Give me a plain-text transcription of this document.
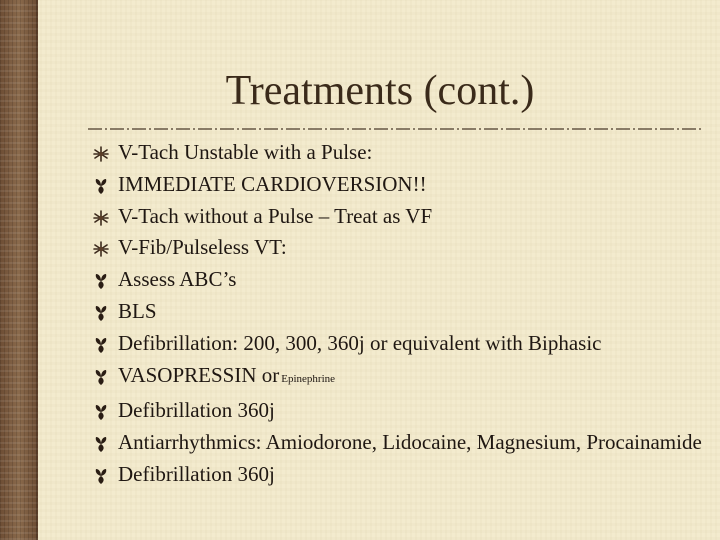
Treatments (cont.)
V-Tach Unstable with a Pulse:
IMMEDIATE CARDIOVERSION!!
V-Tach without a Pulse – Treat as VF
V-Fib/Pulseless VT:
Assess ABC’s
BLS
Defibrillation: 200, 300, 360j or equivalent with Biphasic
VASOPRESSIN or Epinephrine
Defibrillation 360j
Antiarrhythmics: Amiodorone, Lidocaine, Magnesium, Procainamide
Defibrillation 360j
